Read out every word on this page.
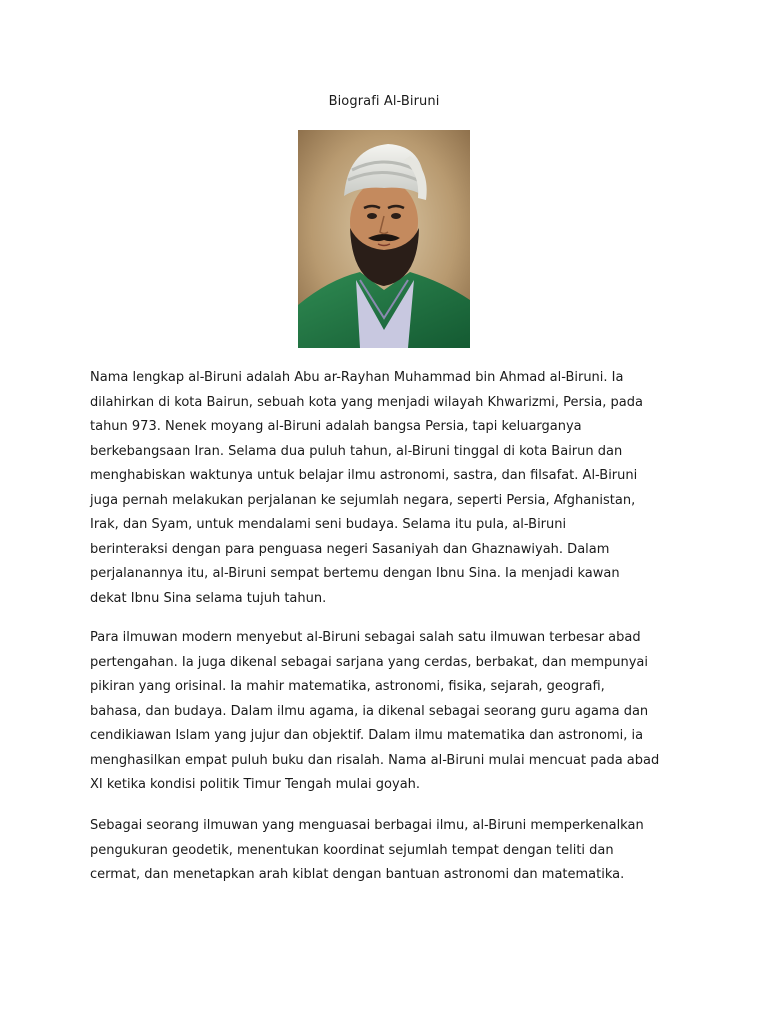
Biografi Al-Biruni
Nama lengkap al-Biruni adalah Abu ar-Rayhan Muhammad bin Ahmad al-Biruni. Ia
dilahirkan di kota Bairun, sebuah kota yang menjadi wilayah Khwarizmi, Persia, pada
tahun 973. Nenek moyang al-Biruni adalah bangsa Persia, tapi keluarganya
berkebangsaan Iran. Selama dua puluh tahun, al-Biruni tinggal di kota Bairun dan
menghabiskan waktunya untuk belajar ilmu astronomi, sastra, dan filsafat. Al-Biruni
juga pernah melakukan perjalanan ke sejumlah negara, seperti Persia, Afghanistan,
Irak, dan Syam, untuk mendalami seni budaya. Selama itu pula, al-Biruni
berinteraksi dengan para penguasa negeri Sasaniyah dan Ghaznawiyah. Dalam
perjalanannya itu, al-Biruni sempat bertemu dengan Ibnu Sina. Ia menjadi kawan
dekat Ibnu Sina selama tujuh tahun.
Para ilmuwan modern menyebut al-Biruni sebagai salah satu ilmuwan terbesar abad
pertengahan. Ia juga dikenal sebagai sarjana yang cerdas, berbakat, dan mempunyai
pikiran yang orisinal. Ia mahir matematika, astronomi, fisika, sejarah, geografi,
bahasa, dan budaya. Dalam ilmu agama, ia dikenal sebagai seorang guru agama dan
cendikiawan Islam yang jujur dan objektif. Dalam ilmu matematika dan astronomi, ia
menghasilkan empat puluh buku dan risalah. Nama al-Biruni mulai mencuat pada abad
XI ketika kondisi politik Timur Tengah mulai goyah.
Sebagai seorang ilmuwan yang menguasai berbagai ilmu, al-Biruni memperkenalkan
pengukuran geodetik, menentukan koordinat sejumlah tempat dengan teliti dan
cermat, dan menetapkan arah kiblat dengan bantuan astronomi dan matematika.
